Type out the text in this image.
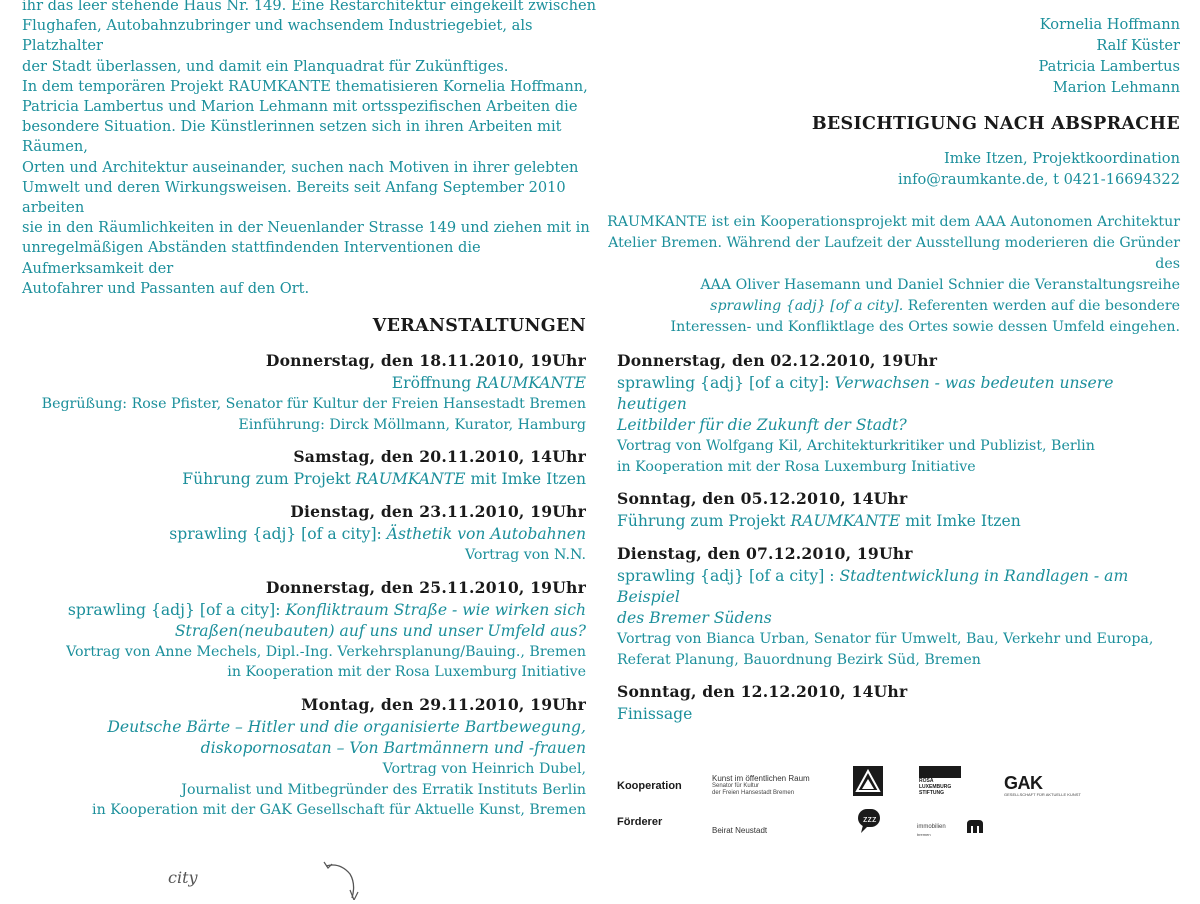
ihr das leer stehende Haus Nr. 149. Eine Restarchitektur eingekeilt zwischen
Flughafen, Autobahnzubringer und wachsendem Industriegebiet, als Platzhalter
der Stadt überlassen, und damit ein Planquadrat für Zukünftiges.
In dem temporären Projekt RAUMKANTE thematisieren Kornelia Hoffmann,
Patricia Lambertus und Marion Lehmann mit ortsspezifischen Arbeiten die
besondere Situation. Die Künstlerinnen setzen sich in ihren Arbeiten mit Räumen,
Orten und Architektur auseinander, suchen nach Motiven in ihrer gelebten
Umwelt und deren Wirkungsweisen. Bereits seit Anfang September 2010 arbeiten
sie in den Räumlichkeiten in der Neuenlander Strasse 149 und ziehen mit in
unregelmäßigen Abständen stattfindenden Interventionen die Aufmerksamkeit der
Autofahrer und Passanten auf den Ort.
Kornelia Hoffmann
Ralf Küster
Patricia Lambertus
Marion Lehmann
BESICHTIGUNG NACH ABSPRACHE
Imke Itzen, Projektkoordination
info@raumkante.de, t 0421-16694322
RAUMKANTE ist ein Kooperationsprojekt mit dem AAA Autonomen Architektur
Atelier Bremen. Während der Laufzeit der Ausstellung moderieren die Gründer des
AAA Oliver Hasemann und Daniel Schnier die Veranstaltungsreihe
sprawling {adj} [of a city]. Referenten werden auf die besondere
Interessen- und Konfliktlage des Ortes sowie dessen Umfeld eingehen.
VERANSTALTUNGEN
Donnerstag, den 18.11.2010, 19Uhr
Eröffnung RAUMKANTE
Begrüßung: Rose Pfister, Senator für Kultur der Freien Hansestadt Bremen
Einführung: Dirck Möllmann, Kurator, Hamburg
Samstag, den 20.11.2010, 14Uhr
Führung zum Projekt RAUMKANTE mit Imke Itzen
Dienstag, den 23.11.2010, 19Uhr
sprawling {adj} [of a city]: Ästhetik von Autobahnen
Vortrag von N.N.
Donnerstag, den 25.11.2010, 19Uhr
sprawling {adj} [of a city]: Konfliktraum Straße - wie wirken sich
Straßen(neubauten) auf uns und unser Umfeld aus?
Vortrag von Anne Mechels, Dipl.-Ing. Verkehrsplanung/Bauing., Bremen
in Kooperation mit der Rosa Luxemburg Initiative
Montag, den 29.11.2010, 19Uhr
Deutsche Bärte – Hitler und die organisierte Bartbewegung,
diskopornosatan – Von Bartmännern und -frauen
Vortrag von Heinrich Dubel,
Journalist und Mitbegründer des Erratik Instituts Berlin
in Kooperation mit der GAK Gesellschaft für Aktuelle Kunst, Bremen
Donnerstag, den 02.12.2010, 19Uhr
sprawling {adj} [of a city]: Verwachsen - was bedeuten unsere heutigen
Leitbilder für die Zukunft der Stadt?
Vortrag von Wolfgang Kil, Architekturkritiker und Publizist, Berlin
in Kooperation mit der Rosa Luxemburg Initiative
Sonntag, den 05.12.2010, 14Uhr
Führung zum Projekt RAUMKANTE mit Imke Itzen
Dienstag, den 07.12.2010, 19Uhr
sprawling {adj} [of a city] : Stadtentwicklung in Randlagen - am Beispiel
des Bremer Südens
Vortrag von Bianca Urban, Senator für Umwelt, Bau, Verkehr und Europa,
Referat Planung, Bauordnung Bezirk Süd, Bremen
Sonntag, den 12.12.2010, 14Uhr
Finissage
Kooperation
Förderer
Kunst im öffentlichen Raum
Senator für Kultur
der Freien Hansestadt Bremen
ROSA
LUXEMBURG
STIFTUNG	GAK
GESELLSCHAFT FÜR AKTUELLE KUNST
Beirat Neustadt
zzz
immobilien
bremen
city
